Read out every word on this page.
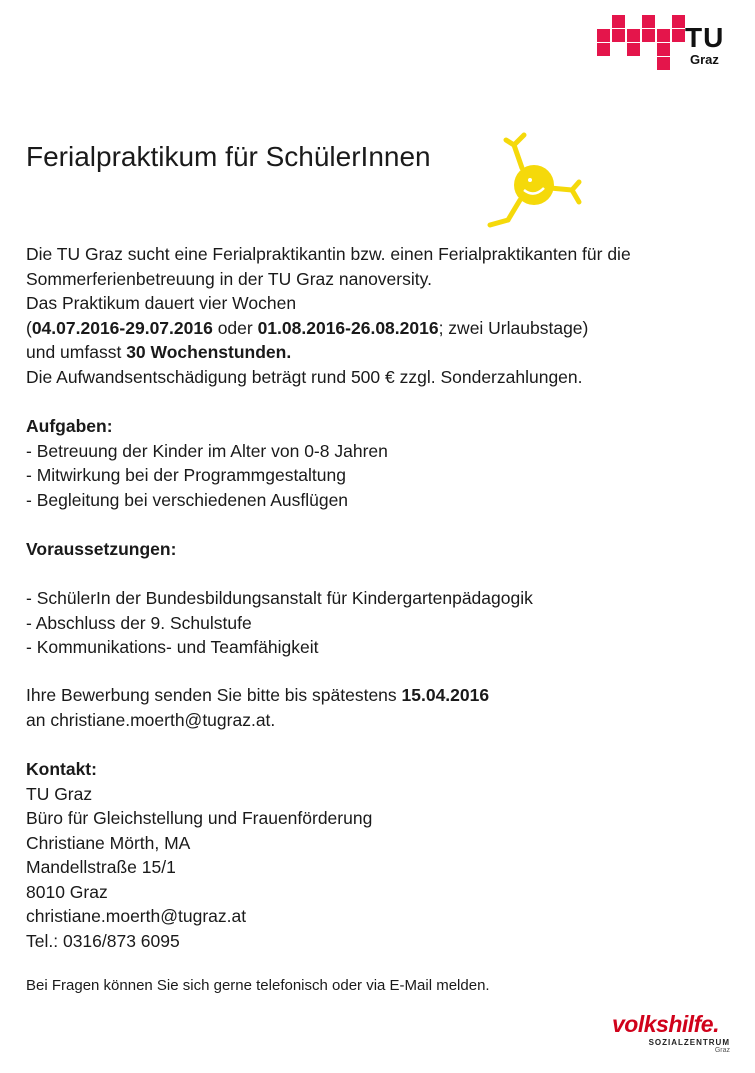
TU
Graz
Ferialpraktikum für SchülerInnen

Die TU Graz sucht eine Ferialpraktikantin bzw. einen Ferialpraktikanten für die

Sommerferienbetreuung in der TU Graz nanoversity.

Das Praktikum dauert vier Wochen

(04.07.2016-29.07.2016 oder 01.08.2016-26.08.2016; zwei Urlaubstage)

und umfasst 30 Wochenstunden.

Die Aufwandsentschädigung beträgt rund 500 € zzgl. Sonderzahlungen.

Aufgaben:

- Betreuung der Kinder im Alter von 0-8 Jahren

- Mitwirkung bei der Programmgestaltung

- Begleitung bei verschiedenen Ausflügen

Voraussetzungen:

- SchülerIn der Bundesbildungsanstalt für Kindergartenpädagogik

- Abschluss der 9. Schulstufe

- Kommunikations- und Teamfähigkeit

Ihre Bewerbung senden Sie bitte bis spätestens 15.04.2016

an christiane.moerth@tugraz.at.

Kontakt:

TU Graz

Büro für Gleichstellung und Frauenförderung

Christiane Mörth, MA

Mandellstraße 15/1

8010 Graz

christiane.moerth@tugraz.at

Tel.: 0316/873 6095

Bei Fragen können Sie sich gerne telefonisch oder via E-Mail melden.
volkshilfe.
SOZIALZENTRUM
Graz
